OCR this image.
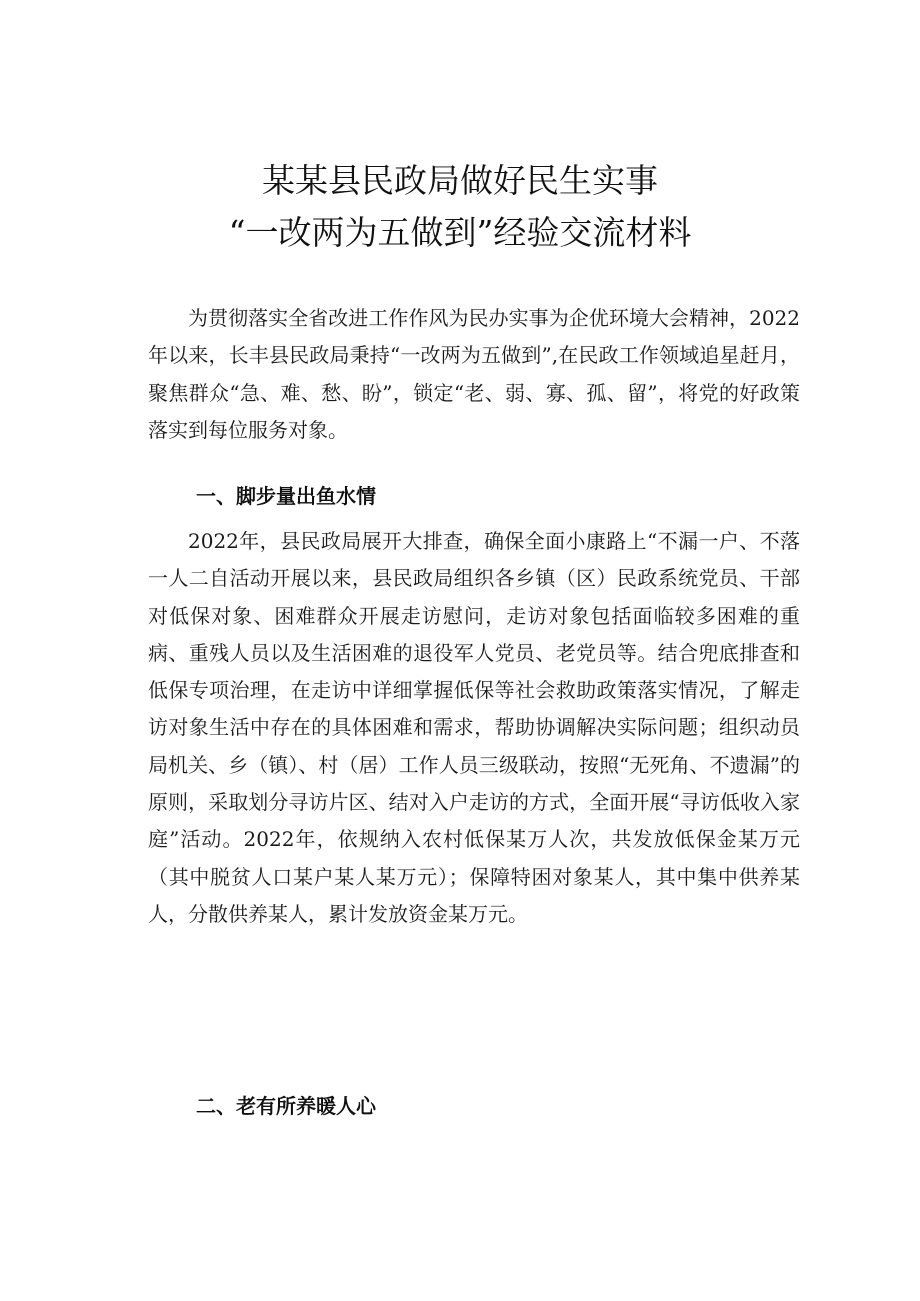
某某县民政局做好民生实事
“一改两为五做到”经验交流材料

为贯彻落实全省改进工作作风为民办实事为企优环境大会精神，2022年以来，长丰县民政局秉持“一改两为五做到”,在民政工作领域追星赶月，聚焦群众“急、难、愁、盼”，锁定“老、弱、寡、孤、留”，将党的好政策落实到每位服务对象。

一、脚步量出鱼水情

2022年，县民政局展开大排查，确保全面小康路上“不漏一户、不落一人二自活动开展以来，县民政局组织各乡镇（区）民政系统党员、干部对低保对象、困难群众开展走访慰问，走访对象包括面临较多困难的重病、重残人员以及生活困难的退役军人党员、老党员等。结合兜底排查和低保专项治理，在走访中详细掌握低保等社会救助政策落实情况，了解走访对象生活中存在的具体困难和需求，帮助协调解决实际问题；组织动员局机关、乡（镇）、村（居）工作人员三级联动，按照“无死角、不遗漏”的原则，采取划分寻访片区、结对入户走访的方式，全面开展“寻访低收入家庭”活动。2022年，依规纳入农村低保某万人次，共发放低保金某万元（其中脱贫人口某户某人某万元）；保障特困对象某人，其中集中供养某人，分散供养某人，累计发放资金某万元。

二、老有所养暖人心
